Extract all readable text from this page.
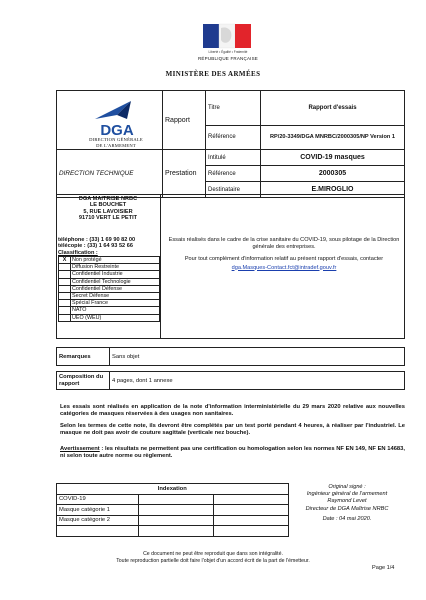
Liberté • Égalité • Fraternité
RÉPUBLIQUE FRANÇAISE
MINISTÈRE DES ARMÉES
DGA
DIRECTION GÉNÉRALE
DE L'ARMEMENT	Rapport	Titre	Rapport d'essais
		Référence	RP/20-3349/DGA MNRBC/2000305/NP Version 1
DIRECTION TECHNIQUE	Prestation	Intitulé	COVID-19 masques
		Référence	2000305
		Destinataire	E.MIROGLIO
DGA MAITRISE NRBC
LE BOUCHET
5, RUE LAVOISIER
91710 VERT LE PETIT
téléphone : (33) 1 69 90 82 00
télécopie : (33) 1 64 93 52 66
Classification :
X	Non protégé
	Diffusion Restreinte
	Confidentiel Industrie
	Confidentiel Technologie
	Confidentiel Défense
	Secret Défense
	Spécial France
	NATO
	UEO (WEU)
Essais réalisés dans le cadre de la crise sanitaire du COVID-19, sous pilotage de la Direction générale des entreprises.
Pour tout complément d'information relatif au présent rapport d'essais, contacter
dga.Masques-Contact.fct@intradef.gouv.fr
Remarques	Sans objet

Composition du rapport	4 pages, dont 1 annexe
Les essais sont réalisés en application de la note d'information interministérielle du 29 mars 2020 relative aux nouvelles catégories de masques réservées à des usages non sanitaires.
Selon les termes de cette note, ils devront être complétés par un test porté pendant 4 heures, à réaliser par l'industriel. Le masque ne doit pas avoir de couture sagittale (verticale nez bouche).
Avertissement : les résultats ne permettent pas une certification ou homologation selon les normes NF EN 149, NF EN 14683, ni selon toute autre norme ou règlement.
Indexation			
COVID-19			
Masque catégorie 1			
Masque catégorie 2			

Original signé :
Ingénieur général de l'armement
Raymond Levet
Directeur de DGA Maîtrise NRBC
Date : 04 mai 2020.
Ce document ne peut être reproduit que dans son intégralité.
Toute reproduction partielle doit faire l'objet d'un accord écrit de la part de l'émetteur.
Page 1/4
